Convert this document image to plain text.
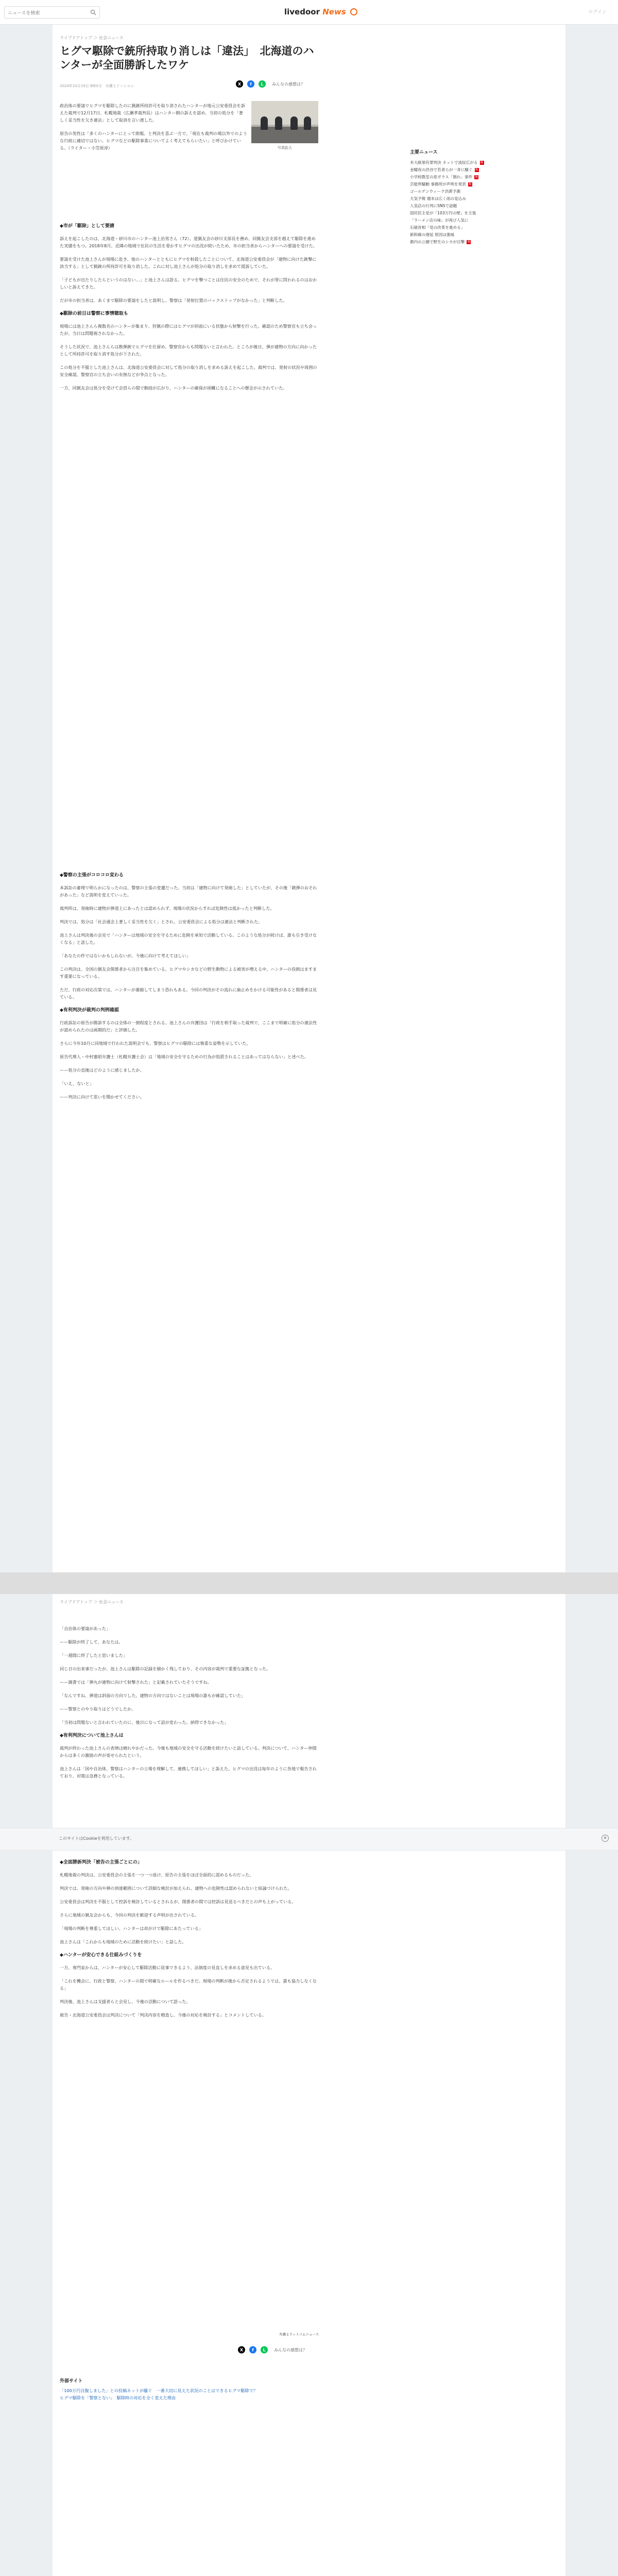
ニュースを検索
livedoor News	ログイン
ライブドアトップ ＞ 社会ニュース
ヒグマ駆除で銃所持取り消しは「違法」　北海道のハンターが全面勝訴したワケ
2024年10月19日 8時0分　弁護士ドットコム	X	f	L	みんなの感想は？
写真拡大

政治体の要請でヒグマを駆除したのに猟銃所持許可を取り消されたハンターが地元公安委員会を訴えた裁判で12月17日、札幌地裁（広瀬孝裁判長）はハンター側の訴えを認め、当初の処分を「著しく妥当性を欠き違法」として取消を言い渡した。

原告の男性は「多くのハンターにとって朗報。と判決を喜ぶ一方で、「現在も裁判の場以外でのような行政に適切ではない。ヒグマなどの駆除事業についてよく考えてもらいたい」と呼びかけている。（ライター・小笠原淳）

◆市が「駆除」として要請

訴えを起こしたのは、北海道・砂川市のハンター池上治男さん（72）。道猟友会の砂川支部長を務め、同猟友会支部を越えて駆除を進めた実績をもつ。2018年8月、近隣の地域で住民の生活を脅かすヒグマの出没が続いたため、市の担当者からハンターへの要請を受けた。

要請を受けた池上さんが現場に赴き、他のハンターとともにヒグマを射殺したことについて、北海道公安委員会が「建物に向けた銃撃に該当する」として猟銃の所持許可を取り消した。これに対し池上さんが処分の取り消しを求めて提訴していた。

「子どもが出たりしたらというのはない…」と池上さんは語る。ヒグマを撃つことは住民の安全のためで、それが罪に問われるのはおかしいと訴えてきた。

だが市の担当者は、あくまで駆除の要請をしたと説明し、警察は「発射位置のバックストップがなかった」と判断した。

◆駆除の前日は警察に事情聴取も

現場には池上さんら複数名のハンターが集まり、狩猟の際にはヒグマが斜面にいる状態から射撃を行った。確認のため警察官も立ち会ったが、当日は問題視されなかった。

そうした状況で、池上さんらは散弾銃でヒグマを仕留め、警察官からも問題ないと言われた。ところが後日、弾が建物の方向に向かったとして所持許可を取り消す処分が下された。

この処分を不服とした池上さんは、北海道公安委員会に対して処分の取り消しを求める訴えを起こした。裁判では、発射の状況や周囲の安全確認、警察官の立ち会いの有無などが争点となった。

一方、同猟友会は処分を受けて会員らの間で動揺が広がり、ハンターの確保が困難になることへの懸念が示されていた。

◆警察の主張がコロコロ変わる

本訴訟の審理で明らかになったのは、警察の主張の変遷だった。当初は「建物に向けて発砲した」としていたが、その後「跳弾のおそれがあった」など説明を変えていった。

裁判所は、発砲時に建物が弾道上にあったとは認められず、現場の状況からすれば危険性は低かったと判断した。

判決では、処分は「社会通念上著しく妥当性を欠く」とされ、公安委員会による処分は違法と判断された。

池上さんは判決後の会見で「ハンターは地域の安全を守るために危険を承知で活動している。このような処分が続けば、誰も引き受けなくなる」と話した。

「あなたの件ではないかもしれないが、今後に向けて考えてほしい」

この判決は、全国の猟友会関係者から注目を集めている。ヒグマやシカなどの野生動物による被害が増える中、ハンターの役割はますます重要になっている。

ただ、行政の対応次第では、ハンターが萎縮してしまう恐れもある。今回の判決がその流れに歯止めをかける可能性があると関係者は見ている。

◆有利判決が裁判の判例確認

行政訴訟の原告が勝訴するのは全体の一割程度とされる。池上さんの弁護団は「行政を相手取った裁判で、ここまで明確に処分の違法性が認められたのは画期的だ」と評価した。

さらに今年10月に同地域で行われた説明会でも、警察はヒグマの駆除には慎重な姿勢を示していた。

原告代理人・中村憲昭弁護士（札幌弁護士会）は「地域の安全を守るための行為が処罰されることはあってはならない」と述べた。

ーー処分の直後はどのように感じましたか。

「いえ、ないと」

ーー判決に向けて思いを聞かせてください。

主要ニュース
米大統領有罪判決 ネットで波紋広がる N
金曜夜の渋谷で若者らが一斉に騒ぐ N
小学校教室の窓ガラス「割れ」事件 N
芸能界騒動 事務所が声明を発表 N
ゴールデンウィーク渋滞予測
天気予報 週末は広く雨の見込み
人気店の行列にSNSで話題
国民民主党が「103万円の壁」を主張
「ラーメン店の味」が再び人気に
石破首相「党の改革を進める」
新幹線の遅延 原因は強風
都内の公園で野生のシカが目撃 N
ライブドアトップ ＞ 社会ニュース

「自治体の要請があった」

ーー駆除が終了して、あなたは。

「一週間に終了したと思いました」

同じ日の出来事だったが、池上さんは駆除の記録を細かく残しており、その内容が裁判で重要な証拠となった。

ーー調書では「弾丸が建物に向けて射撃された」と記載されていたそうですね。

「なんですね、弾道は斜面の方向でした。建物の方向ではないことは現場の誰もが確認していた」

ーー警察とのやり取りはどうでしたか。

「当初は問題ないと言われていたのに、後日になって話が変わった。納得できなかった」

◆有利判決について池上さんは

裁判が終わった池上さんの表情は晴れやかだった。今後も地域の安全を守る活動を続けたいと話している。判決について、ハンター仲間からは多くの激励の声が寄せられたという。

池上さんは「国や自治体、警察はハンターの立場を理解して、連携してほしい」と訴えた。ヒグマの出没は毎年のように各地で報告されており、対策は急務となっている。

◆全面勝訴判決「被告の主張ごとにの」

札幌地裁の判決は、公安委員会の主張を一つ一つ退け、原告の主張をほぼ全面的に認めるものだった。

判決では、発砲の方向や弾の到達範囲について詳細な検討が加えられ、建物への危険性は認められないと結論づけられた。

公安委員会は判決を不服として控訴を検討しているとされるが、関係者の間では控訴は見送るべきだとの声も上がっている。

さらに地域の猟友会からも、今回の判決を歓迎する声明が出されている。

「現場の判断を尊重してほしい。ハンターは命がけで駆除にあたっている」

池上さんは「これからも地域のために活動を続けたい」と話した。

◆ハンターが安心できる仕組みづくりを

一方、専門家からは、ハンターが安心して駆除活動に従事できるよう、法制度の見直しを求める意見も出ている。

「これを機会に、行政と警察、ハンターの間で明確なルールを作るべきだ。現場の判断が後から否定されるようでは、誰も協力しなくなる」

判決後、池上さんは支援者らと会見し、今後の活動について語った。

被告・北海道公安委員会は判決について「判決内容を精査し、今後の対応を検討する」とコメントしている。

弁護士ドットコムニュース
X	f	L	みんなの感想は？
外部サイト
「100万円自腹しました」との投稿ネットが騒ぐ　一番大切に見えた状況のことはできるヒグマ駆除で？
ヒグマ駆除を「警察とない」　駆除時の対応を全く変えた理由
このサイトはCookieを利用しています。	✕
